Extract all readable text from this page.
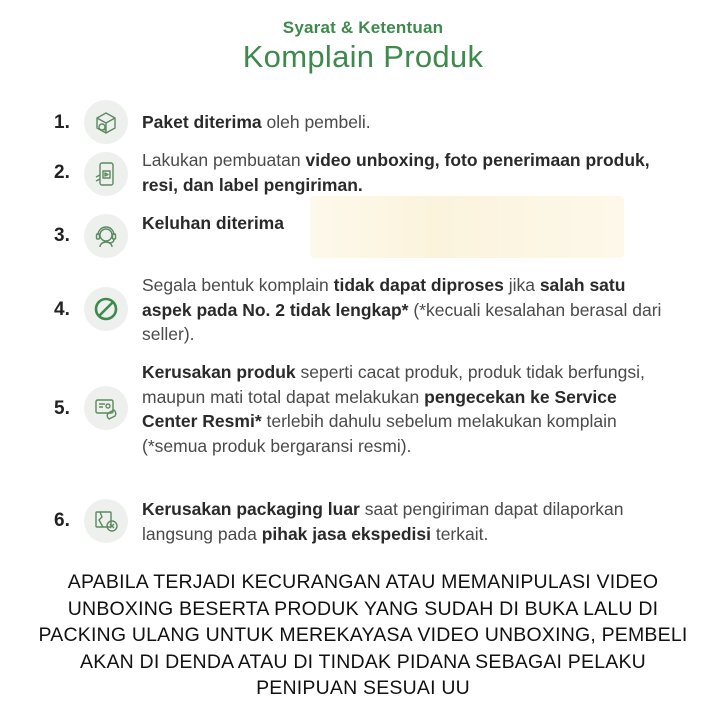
Syarat & Ketentuan
Komplain Produk
1.	Paket diterima oleh pembeli.
2.
Lakukan pembuatan video unboxing, foto penerimaan produk, resi, dan label pengiriman.
3.
Keluhan diterima
4.
Segala bentuk komplain tidak dapat diproses jika salah satu aspek pada No. 2 tidak lengkap* (*kecuali kesalahan berasal dari seller).
5.
Kerusakan produk seperti cacat produk, produk tidak berfungsi, maupun mati total dapat melakukan pengecekan ke Service Center Resmi* terlebih dahulu sebelum melakukan komplain (*semua produk bergaransi resmi).
6.
Kerusakan packaging luar saat pengiriman dapat dilaporkan langsung pada pihak jasa ekspedisi terkait.
APABILA TERJADI KECURANGAN ATAU MEMANIPULASI VIDEO UNBOXING BESERTA PRODUK YANG SUDAH DI BUKA LALU DI PACKING ULANG UNTUK MEREKAYASA VIDEO UNBOXING, PEMBELI AKAN DI DENDA ATAU DI TINDAK PIDANA SEBAGAI PELAKU PENIPUAN SESUAI UU
